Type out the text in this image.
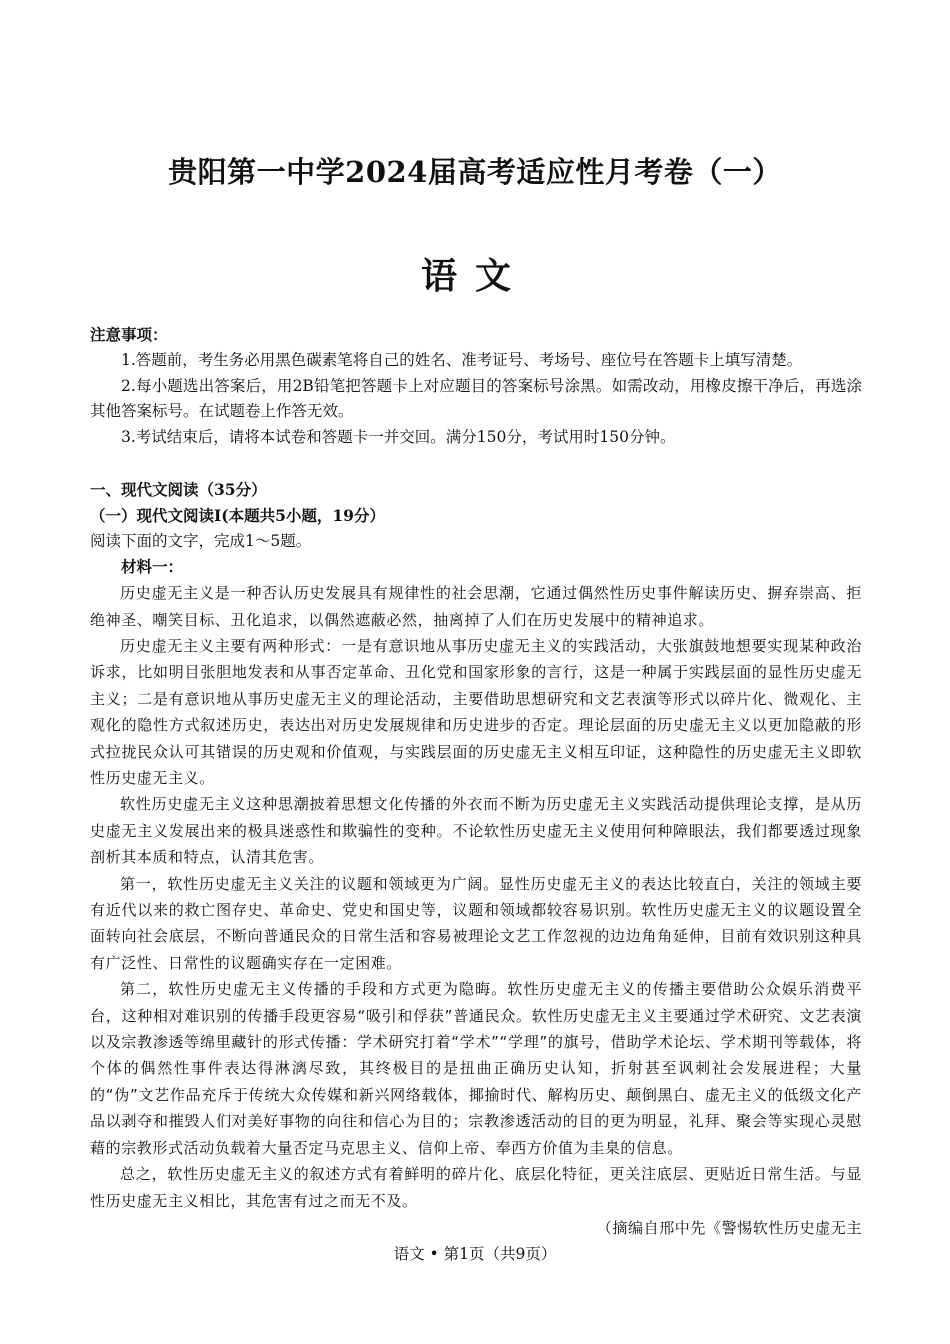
贵阳第一中学2024届高考适应性月考卷（一）
语文

注意事项：

1.答题前，考生务必用黑色碳素笔将自己的姓名、准考证号、考场号、座位号在答题卡上填写清楚。

2.每小题选出答案后，用2B铅笔把答题卡上对应题目的答案标号涂黑。如需改动，用橡皮擦干净后，再选涂其他答案标号。在试题卷上作答无效。

3.考试结束后，请将本试卷和答题卡一并交回。满分150分，考试用时150分钟。

一、现代文阅读（35分）

（一）现代文阅读Ⅰ(本题共5小题，19分）

阅读下面的文字，完成1～5题。

材料一：

历史虚无主义是一种否认历史发展具有规律性的社会思潮，它通过偶然性历史事件解读历史、摒弃崇高、拒绝神圣、嘲笑目标、丑化追求，以偶然遮蔽必然，抽离掉了人们在历史发展中的精神追求。

历史虚无主义主要有两种形式：一是有意识地从事历史虚无主义的实践活动，大张旗鼓地想要实现某种政治诉求，比如明目张胆地发表和从事否定革命、丑化党和国家形象的言行，这是一种属于实践层面的显性历史虚无主义；二是有意识地从事历史虚无主义的理论活动，主要借助思想研究和文艺表演等形式以碎片化、微观化、主观化的隐性方式叙述历史，表达出对历史发展规律和历史进步的否定。理论层面的历史虚无主义以更加隐蔽的形式拉拢民众认可其错误的历史观和价值观，与实践层面的历史虚无主义相互印证，这种隐性的历史虚无主义即软性历史虚无主义。

软性历史虚无主义这种思潮披着思想文化传播的外衣而不断为历史虚无主义实践活动提供理论支撑，是从历史虚无主义发展出来的极具迷惑性和欺骗性的变种。不论软性历史虚无主义使用何种障眼法，我们都要透过现象剖析其本质和特点，认清其危害。

第一，软性历史虚无主义关注的议题和领域更为广阔。显性历史虚无主义的表达比较直白，关注的领域主要有近代以来的救亡图存史、革命史、党史和国史等，议题和领域都较容易识别。软性历史虚无主义的议题设置全面转向社会底层，不断向普通民众的日常生活和容易被理论文艺工作忽视的边边角角延伸，目前有效识别这种具有广泛性、日常性的议题确实存在一定困难。

第二，软性历史虚无主义传播的手段和方式更为隐晦。软性历史虚无主义的传播主要借助公众娱乐消费平台，这种相对难识别的传播手段更容易“吸引和俘获”普通民众。软性历史虚无主义主要通过学术研究、文艺表演以及宗教渗透等绵里藏针的形式传播：学术研究打着“学术”“学理”的旗号，借助学术论坛、学术期刊等载体，将个体的偶然性事件表达得淋漓尽致，其终极目的是扭曲正确历史认知，折射甚至讽刺社会发展进程；大量的“伪”文艺作品充斥于传统大众传媒和新兴网络载体，揶揄时代、解构历史、颠倒黑白、虚无主义的低级文化产品以剥夺和摧毁人们对美好事物的向往和信心为目的；宗教渗透活动的目的更为明显，礼拜、聚会等实现心灵慰藉的宗教形式活动负载着大量否定马克思主义、信仰上帝、奉西方价值为圭臬的信息。

总之，软性历史虚无主义的叙述方式有着鲜明的碎片化、底层化特征，更关注底层、更贴近日常生活。与显性历史虚无主义相比，其危害有过之而无不及。

（摘编自邢中先《警惕软性历史虚无主

语文 • 第1页（共9页）
